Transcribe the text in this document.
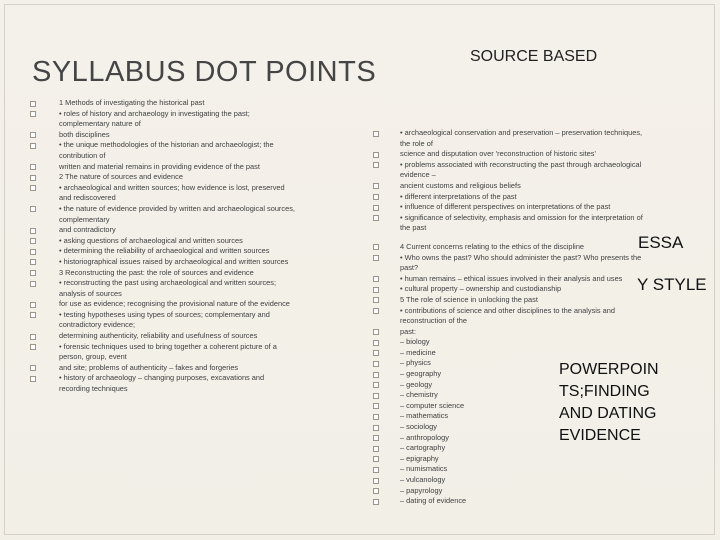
SYLLABUS DOT POINTS	SOURCE BASED
1 Methods of investigating the historical past
• roles of history and archaeology in investigating the past;
complementary nature of
both disciplines
• the unique methodologies of the historian and archaeologist; the
contribution of
written and material remains in providing evidence of the past
2 The nature of sources and evidence
• archaeological and written sources; how evidence is lost, preserved
and rediscovered
• the nature of evidence provided by written and archaeological sources,
complementary
and contradictory
• asking questions of archaeological and written sources
• determining the reliability of archaeological and written sources
• historiographical issues raised by archaeological and written sources
3 Reconstructing the past: the role of sources and evidence
• reconstructing the past using archaeological and written sources;
analysis of sources
for use as evidence; recognising the provisional nature of the evidence
• testing hypotheses using types of sources; complementary and
contradictory evidence;
determining authenticity, reliability and usefulness of sources
• forensic techniques used to bring together a coherent picture of a
person, group, event
and site; problems of authenticity – fakes and forgeries
• history of archaeology – changing purposes, excavations and
recording techniques
• archaeological conservation and preservation – preservation techniques,
the role of
science and disputation over 'reconstruction of historic sites'
• problems associated with reconstructing the past through archaeological
evidence –
ancient customs and religious beliefs
• different interpretations of the past
• influence of different perspectives on interpretations of the past
• significance of selectivity, emphasis and omission for the interpretation of
the past
4 Current concerns relating to the ethics of the discipline
• Who owns the past? Who should administer the past? Who presents the
past?
• human remains – ethical issues involved in their analysis and uses
• cultural property – ownership and custodianship
5 The role of science in unlocking the past
• contributions of science and other disciplines to the analysis and
reconstruction of the
past:
– biology
– medicine
– physics
– geography
– geology
– chemistry
– computer science
– mathematics
– sociology
– anthropology
– cartography
– epigraphy
– numismatics
– vulcanology
– papyrology
– dating of evidence
ESSA
Y STYLE
POWERPOIN
TS;FINDING
AND DATING
EVIDENCE
